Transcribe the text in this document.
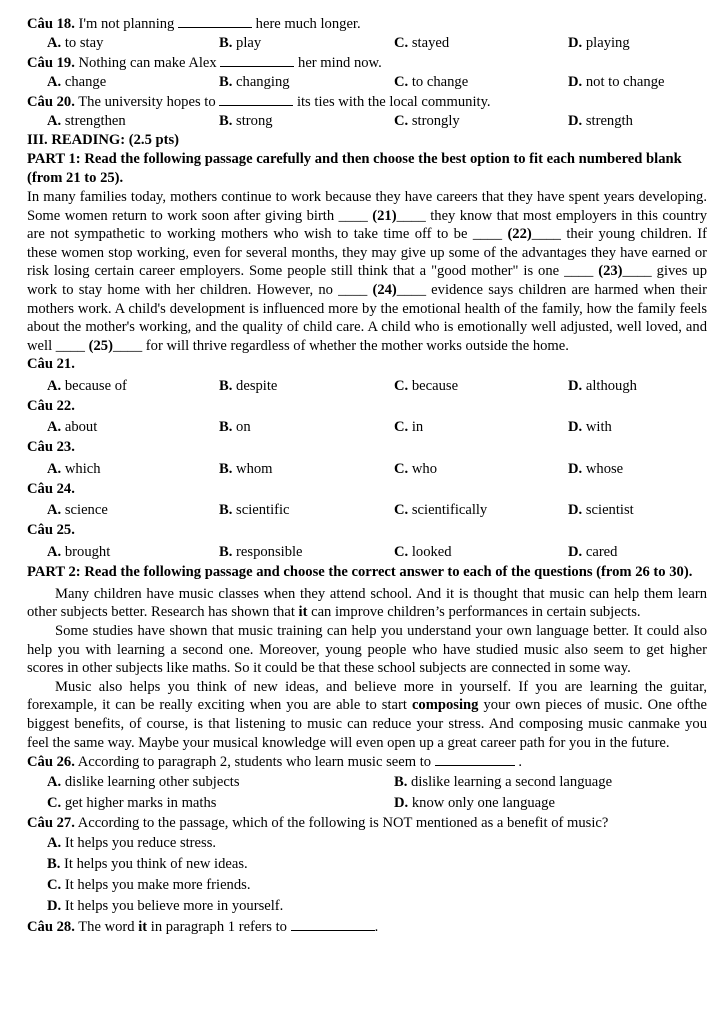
Câu 18. I'm not planning	here much longer.
A. to stay	B. play	C. stayed	D. playing
Câu 19. Nothing can make Alex	her mind now.
A. change	B. changing	C. to change	D. not to change
Câu 20. The university hopes to	its ties with the local community.
A. strengthen	B. strong	C. strongly	D. strength
III. READING: (2.5 pts)
PART 1: Read the following passage carefully and then choose the best option to fit each numbered blank (from 21 to 25).
In many families today, mothers continue to work because they have careers that they have spent years developing. Some women return to work soon after giving birth ____ (21)____ they know that most employers in this country are not sympathetic to working mothers who wish to take time off to be ____ (22)____ their young children. If these women stop working, even for several months, they may give up some of the advantages they have earned or risk losing certain career employers. Some people still think that a "good mother" is one ____ (23)____ gives up work to stay home with her children. However, no ____ (24)____ evidence says children are harmed when their mothers work. A child's development is influenced more by the emotional health of the family, how the family feels about the mother's working, and the quality of child care. A child who is emotionally well adjusted, well loved, and well ____ (25)____ for will thrive regardless of whether the mother works outside the home.
Câu 21.
A. because of	B. despite	C. because	D. although
Câu 22.
A. about	B. on	C. in	D. with
Câu 23.
A. which	B. whom	C. who	D. whose
Câu 24.
A. science	B. scientific	C. scientifically	D. scientist
Câu 25.
A. brought	B. responsible	C. looked	D. cared
PART 2: Read the following passage and choose the correct answer to each of the questions (from 26 to 30).
Many children have music classes when they attend school. And it is thought that music can help them learn other subjects better. Research has shown that it can improve children’s performances in certain subjects.
Some studies have shown that music training can help you understand your own language better. It could also help you with learning a second one. Moreover, young people who have studied music also seem to get higher scores in other subjects like maths. So it could be that these school subjects are connected in some way.
Music also helps you think of new ideas, and believe more in yourself. If you are learning the guitar, forexample, it can be really exciting when you are able to start composing your own pieces of music. One ofthe biggest benefits, of course, is that listening to music can reduce your stress. And composing music canmake you feel the same way. Maybe your musical knowledge will even open up a great career path for you in the future.
Câu 26. According to paragraph 2, students who learn music seem to	.
A. dislike learning other subjects	B. dislike learning a second language
C. get higher marks in maths	D. know only one language
Câu 27. According to the passage, which of the following is NOT mentioned as a benefit of music?
A. It helps you reduce stress.
B. It helps you think of new ideas.
C. It helps you make more friends.
D. It helps you believe more in yourself.
Câu 28. The word it in paragraph 1 refers to	.
